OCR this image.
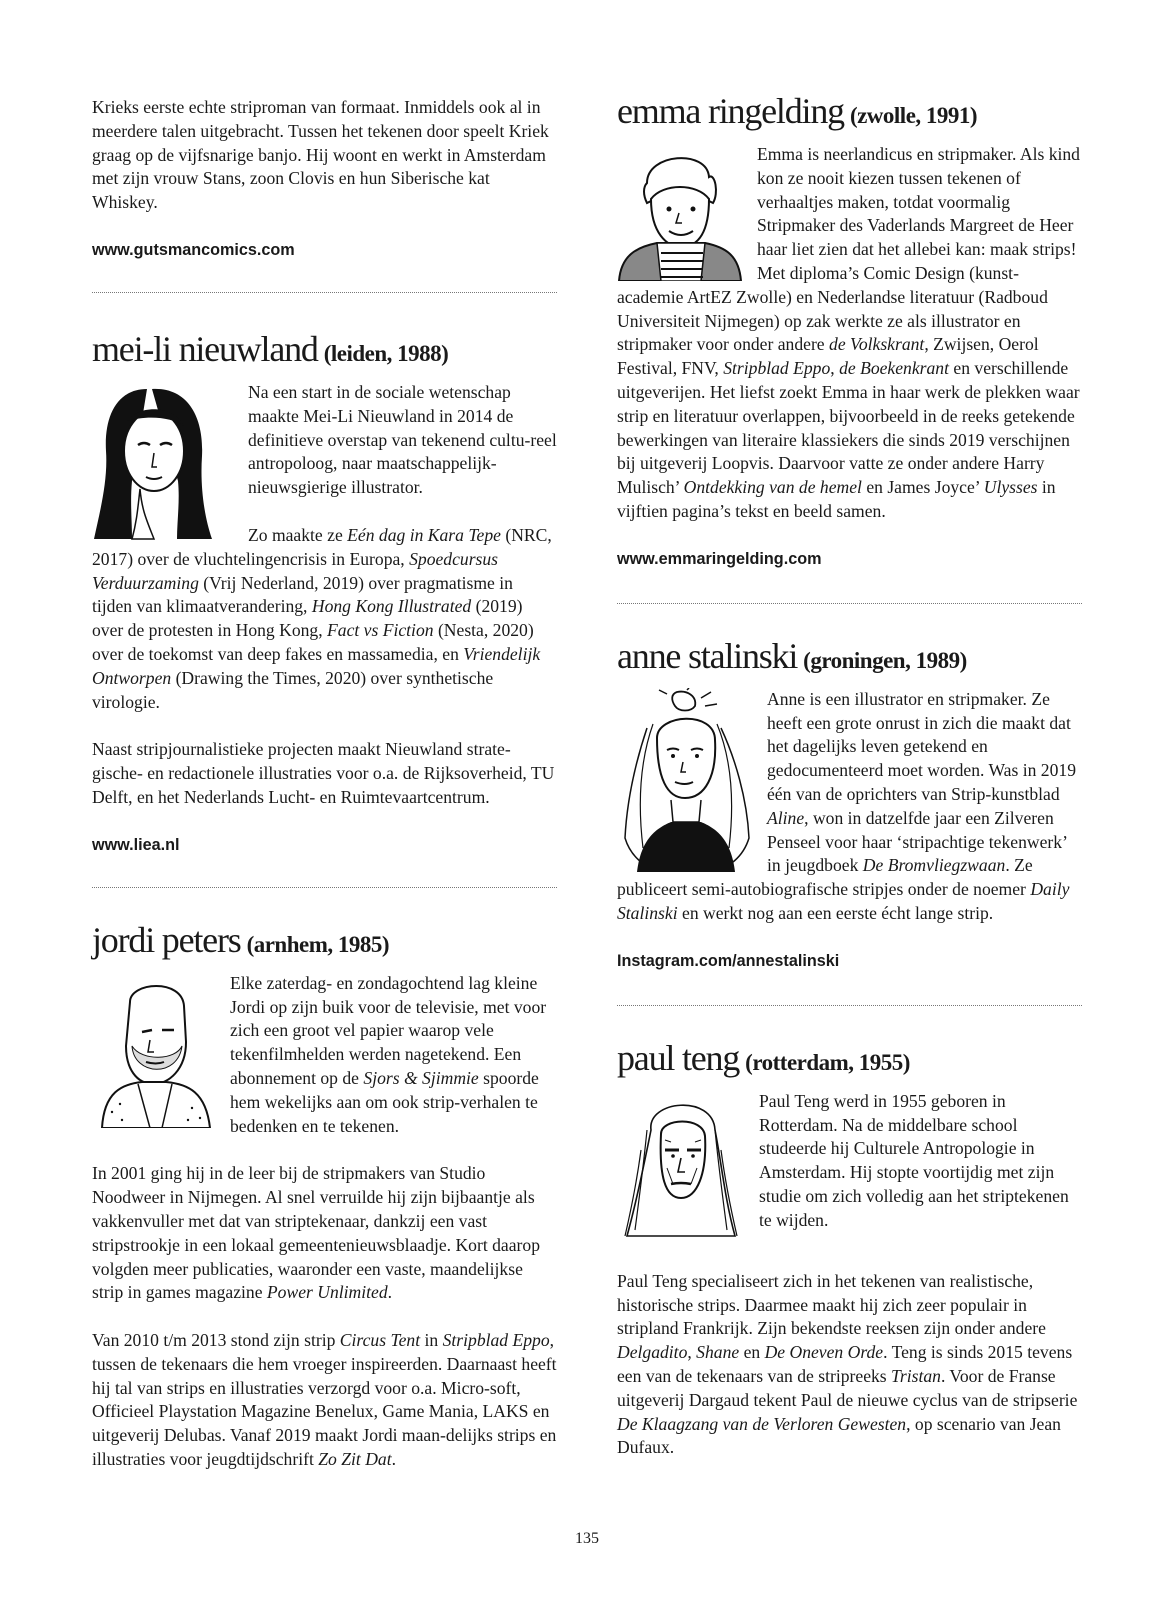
Krieks eerste echte striproman van formaat. Inmiddels ook al in meerdere talen uitgebracht. Tussen het tekenen door speelt Kriek graag op de vijfsnarige banjo. Hij woont en werkt in Amsterdam met zijn vrouw Stans, zoon Clovis en hun Siberische kat Whiskey.

www.gutsmancomics.com

mei-li nieuwland (leiden, 1988)

Na een start in de sociale wetenschap maakte Mei-Li Nieuwland in 2014 de definitieve overstap van tekenend cultu-reel antropoloog, naar maatschappelijk-nieuwsgierige illustrator.

Zo maakte ze Eén dag in Kara Tepe (NRC, 2017) over de vluchtelingencrisis in Europa, Spoedcursus Verduurzaming (Vrij Nederland, 2019) over pragmatisme in tijden van klimaatverandering, Hong Kong Illustrated (2019) over de protesten in Hong Kong, Fact vs Fiction (Nesta, 2020) over de toekomst van deep fakes en massamedia, en Vriendelijk Ontworpen (Drawing the Times, 2020) over synthetische virologie.

Naast stripjournalistieke projecten maakt Nieuwland strate-gische- en redactionele illustraties voor o.a. de Rijksoverheid, TU Delft, en het Nederlands Lucht- en Ruimtevaartcentrum.

www.liea.nl

jordi peters (arnhem, 1985)

Elke zaterdag- en zondagochtend lag kleine Jordi op zijn buik voor de televisie, met voor zich een groot vel papier waarop vele tekenfilmhelden werden nagetekend. Een abonnement op de Sjors & Sjimmie spoorde hem wekelijks aan om ook strip-verhalen te bedenken en te tekenen.

In 2001 ging hij in de leer bij de stripmakers van Studio Noodweer in Nijmegen. Al snel verruilde hij zijn bijbaantje als vakkenvuller met dat van striptekenaar, dankzij een vast stripstrookje in een lokaal gemeentenieuwsblaadje. Kort daarop volgden meer publicaties, waaronder een vaste, maandelijkse strip in games magazine Power Unlimited.

Van 2010 t/m 2013 stond zijn strip Circus Tent in Stripblad Eppo, tussen de tekenaars die hem vroeger inspireerden. Daarnaast heeft hij tal van strips en illustraties verzorgd voor o.a. Micro-soft, Officieel Playstation Magazine Benelux, Game Mania, LAKS en uitgeverij Delubas. Vanaf 2019 maakt Jordi maan-delijks strips en illustraties voor jeugdtijdschrift Zo Zit Dat.

emma ringelding (zwolle, 1991)

Emma is neerlandicus en stripmaker. Als kind kon ze nooit kiezen tussen tekenen of verhaaltjes maken, totdat voormalig Stripmaker des Vaderlands Margreet de Heer haar liet zien dat het allebei kan: maak strips! Met diploma’s Comic Design (kunst-academie ArtEZ Zwolle) en Nederlandse literatuur (Radboud Universiteit Nijmegen) op zak werkte ze als illustrator en stripmaker voor onder andere de Volkskrant, Zwijsen, Oerol Festival, FNV, Stripblad Eppo, de Boekenkrant en verschillende uitgeverijen. Het liefst zoekt Emma in haar werk de plekken waar strip en literatuur overlappen, bijvoorbeeld in de reeks getekende bewerkingen van literaire klassiekers die sinds 2019 verschijnen bij uitgeverij Loopvis. Daarvoor vatte ze onder andere Harry Mulisch’ Ontdekking van de hemel en James Joyce’ Ulysses in vijftien pagina’s tekst en beeld samen.

www.emmaringelding.com

anne stalinski (groningen, 1989)

Anne is een illustrator en stripmaker. Ze heeft een grote onrust in zich die maakt dat het dagelijks leven getekend en gedocumenteerd moet worden. Was in 2019 één van de oprichters van Strip-kunstblad Aline, won in datzelfde jaar een Zilveren Penseel voor haar ‘stripachtige tekenwerk’ in jeugdboek De Bromvliegzwaan. Ze publiceert semi-autobiografische stripjes onder de noemer Daily Stalinski en werkt nog aan een eerste écht lange strip.

Instagram.com/annestalinski

paul teng (rotterdam, 1955)

Paul Teng werd in 1955 geboren in Rotterdam. Na de middelbare school studeerde hij Culturele Antropologie in Amsterdam. Hij stopte voortijdig met zijn studie om zich volledig aan het striptekenen te wijden.

Paul Teng specialiseert zich in het tekenen van realistische, historische strips. Daarmee maakt hij zich zeer populair in stripland Frankrijk. Zijn bekendste reeksen zijn onder andere Delgadito, Shane en De Oneven Orde. Teng is sinds 2015 tevens een van de tekenaars van de stripreeks Tristan. Voor de Franse uitgeverij Dargaud tekent Paul de nieuwe cyclus van de stripserie De Klaagzang van de Verloren Gewesten, op scenario van Jean Dufaux.

135
